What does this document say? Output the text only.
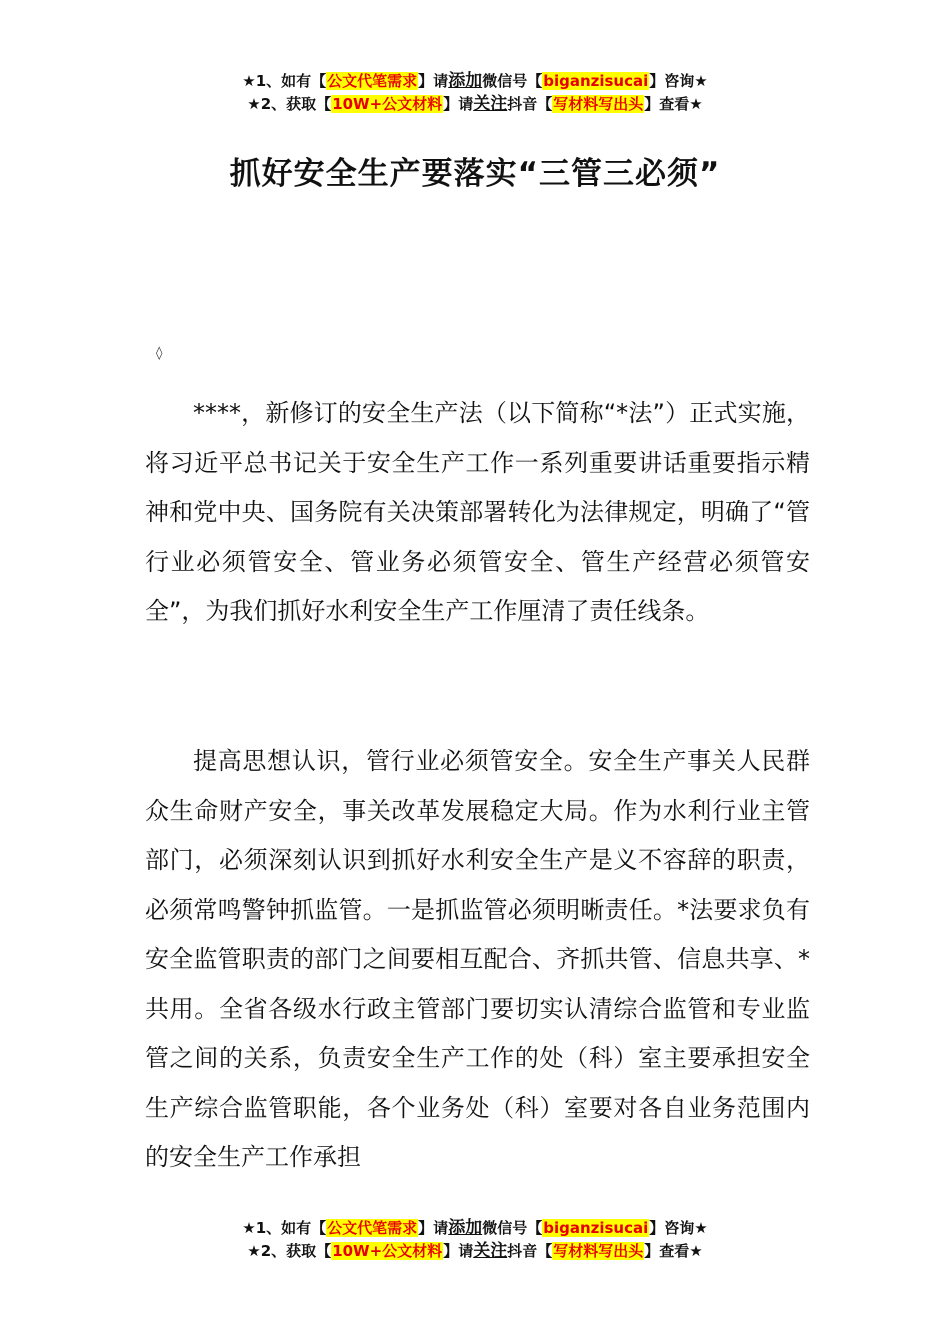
★1、如有【公文代笔需求】请添加微信号【biganzisucai】咨询★
★2、获取【10W+公文材料】请关注抖音【写材料写出头】查看★
抓好安全生产要落实“三管三必须”
◊

****，新修订的安全生产法（以下简称“*法”）正式实施，将习近平总书记关于安全生产工作一系列重要讲话重要指示精神和党中央、国务院有关决策部署转化为法律规定，明确了“管行业必须管安全、管业务必须管安全、管生产经营必须管安全”，为我们抓好水利安全生产工作厘清了责任线条。

提高思想认识，管行业必须管安全。安全生产事关人民群众生命财产安全，事关改革发展稳定大局。作为水利行业主管部门，必须深刻认识到抓好水利安全生产是义不容辞的职责，必须常鸣警钟抓监管。一是抓监管必须明晰责任。*法要求负有安全监管职责的部门之间要相互配合、齐抓共管、信息共享、*共用。全省各级水行政主管部门要切实认清综合监管和专业监管之间的关系，负责安全生产工作的处（科）室主要承担安全生产综合监管职能，各个业务处（科）室要对各自业务范围内的安全生产工作承担

★1、如有【公文代笔需求】请添加微信号【biganzisucai】咨询★
★2、获取【10W+公文材料】请关注抖音【写材料写出头】查看★
